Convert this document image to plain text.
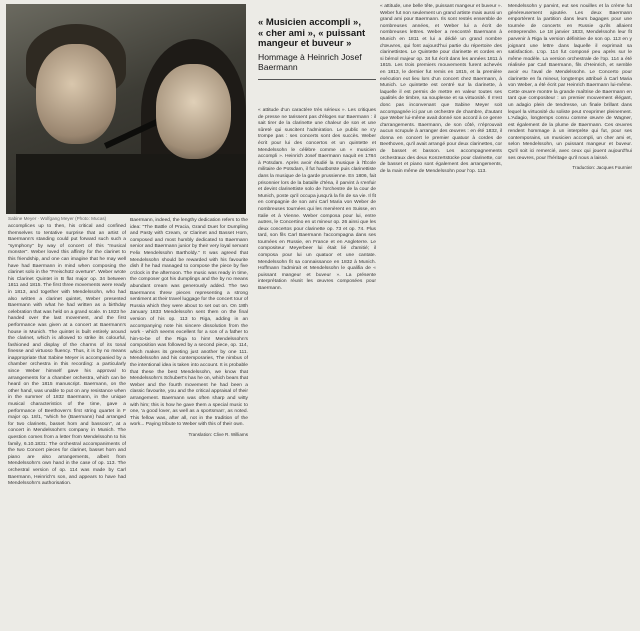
Sabine Meyer · Wolfgang Meyer (Photo: Mucas)
« Musicien accompli »,
« cher ami », « puissant mangeur et buveur »
Hommage à Heinrich Josef Baermann

accomplices up to then, his critical and confined themselves to tentative surprise that an artist of Baermann's standing could put forward such such a "symphony" by way of concert of this "musical monster". Weber loved this affinity for the clarinet to this friendship, and one can imagine that he may well have had Baermann in mind when composing the clarinet solo in the "Freischütz overture". Weber wrote his Clarinet Quintet in B flat major op. 34 between 1811 and 1815. The first three movements were ready in 1813, and together with Mendelssohn, who had also written a clarinet quintet, Weber presented Baermann with what he had written as a birthday celebration that was held on a grand scale. In 1823 he handed over the last movement, and the first performance was given at a concert at Baermann's house in Munich. The quintet is built entirely around the clarinet, which is allowed to strike its colourful, fashioned and display of the charms of its tonal finesse and virtuoso fluency. Thus, it is by no means inappropriate that Sabine Meyer is accompanied by a chamber orchestra in this recording: a particularly since Weber himself gave his approval to arrangements for a chamber orchestra, which can be heard on the 1815 manuscript. Baermann, on the other hand, was unable to put on any resistance when in the summer of 1832 Baermann, in the unique musical characteristics of the time, gave a performance of Beethoven's first string quartet in F major op. 18/1, "which he (Baermann) had arranged for two clarinets, basset horn and bassoon", at a concert in Mendelssohn's company in Munich. The question comes from a letter from Mendelssohn to his family, 6.10.1831: The orchestral accompaniments of the two Concert pieces for clarinet, basset horn and piano are also arrangements, albeit from Mendelssohn's own hand in the case of op. 113. The orchestral version of op. 114 was made by Carl Baermann, Heinrich's son, and appears to have had Mendelssohn's authorisation.

Baermann, indeed, the lengthy dedication refers to the idea: "The Battle of Pracia, Grand Duet for Dumpling and Pasty with Cream, or Clarinet and Basset Horn, composed and most humbly dedicated to Baermann senior and Baermann junior by their very loyal servant Felix Mendelssohn Bartholdy." It was agreed that Mendelssohn should be rewarded with his favourite dish if he had managed to compose the piece by five o'clock in the afternoon. The music was ready in time, the composer got his dumplings and the by no means abundant cream was generously added. The two Baermanns threw pieces representing a strong sentiment at their travel luggage for the concert tour of Russia which they were about to set out on. On 18th January 1833 Mendelssohn sent them on the final version of his op. 113 to Riga, adding in an accompanying note his sincere dissolution from the work - which seems excellent for a son of a father to him-to-be of the Riga to him! Mendelssohn's composition was followed by a second piece, op. 114, which makes its greeting just another by one 111. Mendelssohn and his contemporaries, The nimbus of the intentional idea is taken into account. It is probable that these the best Mendelssohn, we know that Mendelssohn's Schubert's has he on, which bears that Weber and the fourth movement he had been a classic favourite, you and the critical appraisal of their arrangement. Baermann was often sharp and witty with him; this is how he gave them a special music to one, 'a good lover, as well as a sportsman', as noted. This fellow was, after all, not in the tradition of the work... Paying tribute to Weber with this of their own.

Translation: Clive R. Williams

« attitude d'un caractère très sérieux ». Les critiques de presse ne tarissent pas d'éloges sur Baermann : il sait tirer de la clarinette une chaleur de son et une sûreté qui suscitent l'admiration. Le public ne s'y trompe pas : ses concerts sont des succès. Weber écrit pour lui des concertos et un quintette et Mendelssohn le célèbre comme un « musicien accompli ». Heinrich Josef Baermann naquit en 1784 à Potsdam. Après avoir étudié la musique à l'École militaire de Potsdam, il fut hautboïste puis clarinettiste dans la musique de la garde prussienne. En 1806, fait prisonnier lors de la bataille d'Iéna, il parvint à s'enfuir et devint clarinettiste solo de l'orchestre de la cour de Munich, poste qu'il occupa jusqu'à la fin de sa vie. Il fit en compagnie de son ami Carl Maria von Weber de nombreuses tournées qui les menèrent en Suisse, en Italie et à Vienne. Weber composa pour lui, entre autres, le Concertino en ut mineur op. 26 ainsi que les deux concertos pour clarinette op. 73 et op. 74. Plus tard, son fils Carl Baermann l'accompagna dans ses tournées en Russie, en France et en Angleterre. Le compositeur Meyerbeer lui était lié d'amitié; il composa pour lui un quatuor et une cantate. Mendelssohn fit sa connaissance en 1832 à Munich. Hoffmann l'admirait et Mendelssohn le qualifia de « puissant mangeur et buveur ». La présente interprétation réunit les œuvres composées pour Baermann.

« attitude, une belle tête, puissant mangeur et buveur ». Weber fut non seulement un grand artiste mais aussi un grand ami pour Baermann. Ils sont restés ensemble de nombreuses années, et Weber lui a écrit de nombreuses lettres. Weber a rencontré Baermann à Munich en 1811 et lui a dédié un grand nombre d'œuvres, qui font aujourd'hui partie du répertoire des clarinettistes. Le Quintette pour clarinette et cordes en si bémol majeur op. 34 fut écrit dans les années 1811 à 1815. Les trois premiers mouvements furent achevés en 1813, le dernier fut remis en 1815, et la première exécution eut lieu lors d'un concert chez Baermann, à Munich. Le quintette est centré sur la clarinette, à laquelle il est permis de mettre en valeur toutes ses qualités de timbre, sa souplesse et sa virtuosité. Il n'est donc pas inconvenant que Sabine Meyer soit accompagnée ici par un orchestre de chambre, d'autant que Weber lui-même avait donné son accord à ce genre d'arrangements. Baermann, de son côté, n'éprouvait aucun scrupule à arranger des œuvres : en été 1832, il donna en concert le premier quatuor à cordes de Beethoven, qu'il avait arrangé pour deux clarinettes, cor de basset et basson. Les accompagnements orchestraux des deux Konzertstücke pour clarinette, cor de basset et piano sont également des arrangements, de la main même de Mendelssohn pour l'op. 113.

Mendelssohn y parvint, eut ses nouilles et la crème fut généreusement ajoutée. Les deux Baermann emportèrent la partition dans leurs bagages pour une tournée de concerts en Russie qu'ils allaient entreprendre. Le 18 janvier 1833, Mendelssohn leur fit parvenir à Riga la version définitive de son op. 113 en y joignant une lettre dans laquelle il exprimait sa satisfaction. L'op. 114 fut composé peu après sur le même modèle. La version orchestrale de l'op. 114 a été réalisée par Carl Baermann, fils d'Heinrich, et semble avoir eu l'aval de Mendelssohn. Le Concerto pour clarinette en fa mineur, longtemps attribué à Carl Maria von Weber, a été écrit par Heinrich Baermann lui-même. Cette œuvre montre la grande maîtrise de Baermann en tant que compositeur : un premier mouvement élégant, un adagio plein de tendresse, un finale brillant dans lequel la virtuosité du soliste peut s'exprimer pleinement. L'Adagio, longtemps connu comme œuvre de Wagner, est également de la plume de Baermann. Ces œuvres rendent hommage à un interprète qui fut, pour ses contemporains, un musicien accompli, un cher ami et, selon Mendelssohn, un puissant mangeur et buveur. Qu'il soit ici remercié, avec ceux qui jouent aujourd'hui ses œuvres, pour l'héritage qu'il nous a laissé.

Traduction: Jacques Fournier
